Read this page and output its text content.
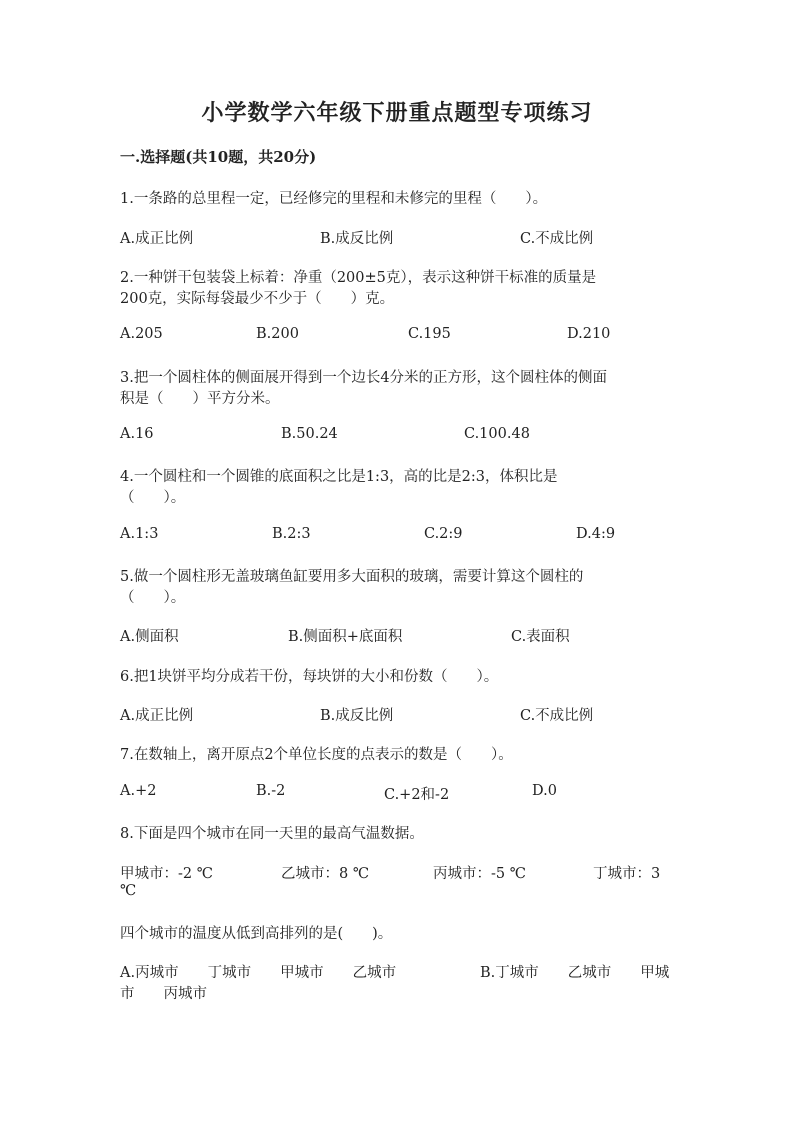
小学数学六年级下册重点题型专项练习
一.选择题(共10题，共20分)
1.一条路的总里程一定，已经修完的里程和未修完的里程（　　）。
A.成正比例	B.成反比例	C.不成比例
2.一种饼干包装袋上标着：净重（200±5克），表示这种饼干标准的质量是
200克，实际每袋最少不少于（　　）克。
A.205	B.200	C.195	D.210
3.把一个圆柱体的侧面展开得到一个边长4分米的正方形，这个圆柱体的侧面
积是（　　）平方分米。
A.16	B.50.24	C.100.48
4.一个圆柱和一个圆锥的底面积之比是1:3，高的比是2:3，体积比是
（　　）。
A.1:3	B.2:3	C.2:9	D.4:9
5.做一个圆柱形无盖玻璃鱼缸要用多大面积的玻璃，需要计算这个圆柱的
（　　）。
A.侧面积	B.侧面积+底面积	C.表面积
6.把1块饼平均分成若干份，每块饼的大小和份数（　　）。
A.成正比例	B.成反比例	C.不成比例
7.在数轴上，离开原点2个单位长度的点表示的数是（　　）。
A.+2	B.-2	C.+2和-2	D.0
8.下面是四个城市在同一天里的最高气温数据。
甲城市：-2 ℃	乙城市：8 ℃	丙城市：-5 ℃	丁城市：3
℃
四个城市的温度从低到高排列的是(　　)。
A.丙城市　　丁城市　　甲城市　　乙城市	B.丁城市　　乙城市　　甲城
市　　丙城市
